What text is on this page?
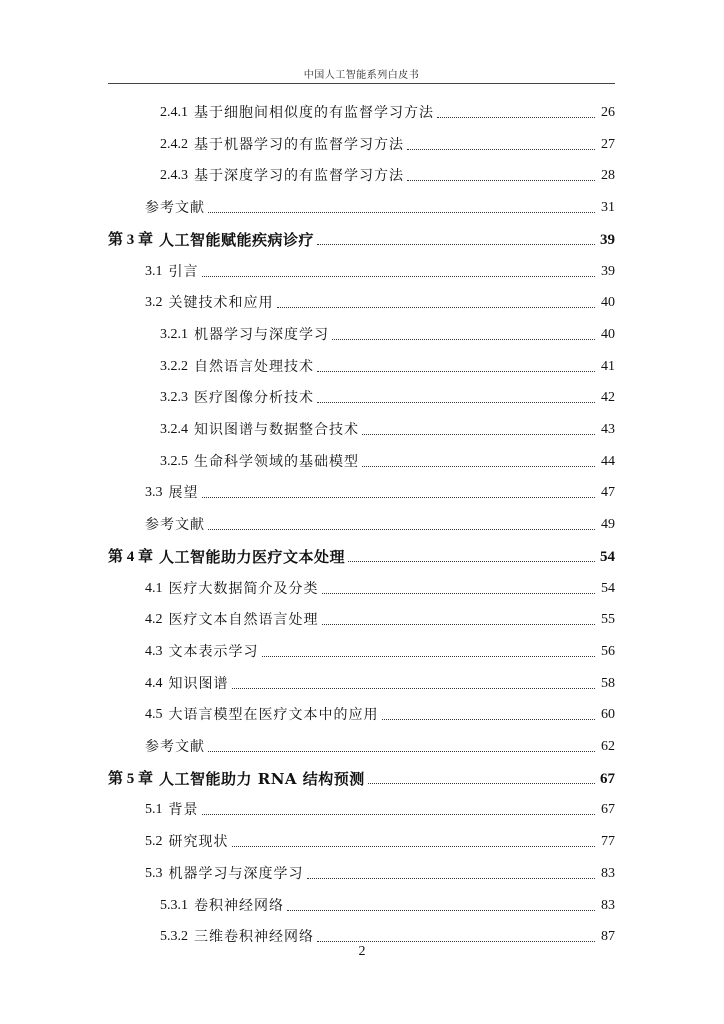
中国人工智能系列白皮书
2.4.1 基于细胞间相似度的有监督学习方法	26
2.4.2 基于机器学习的有监督学习方法	27
2.4.3 基于深度学习的有监督学习方法	28
参考文献	31
第 3 章 人工智能赋能疾病诊疗	39
3.1 引言	39
3.2 关键技术和应用	40
3.2.1 机器学习与深度学习	40
3.2.2 自然语言处理技术	41
3.2.3 医疗图像分析技术	42
3.2.4 知识图谱与数据整合技术	43
3.2.5 生命科学领域的基础模型	44
3.3 展望	47
参考文献	49
第 4 章 人工智能助力医疗文本处理	54
4.1 医疗大数据简介及分类	54
4.2 医疗文本自然语言处理	55
4.3 文本表示学习	56
4.4 知识图谱	58
4.5 大语言模型在医疗文本中的应用	60
参考文献	62
第 5 章 人工智能助力 RNA 结构预测	67
5.1 背景	67
5.2 研究现状	77
5.3 机器学习与深度学习	83
5.3.1 卷积神经网络	83
5.3.2 三维卷积神经网络	87
2
